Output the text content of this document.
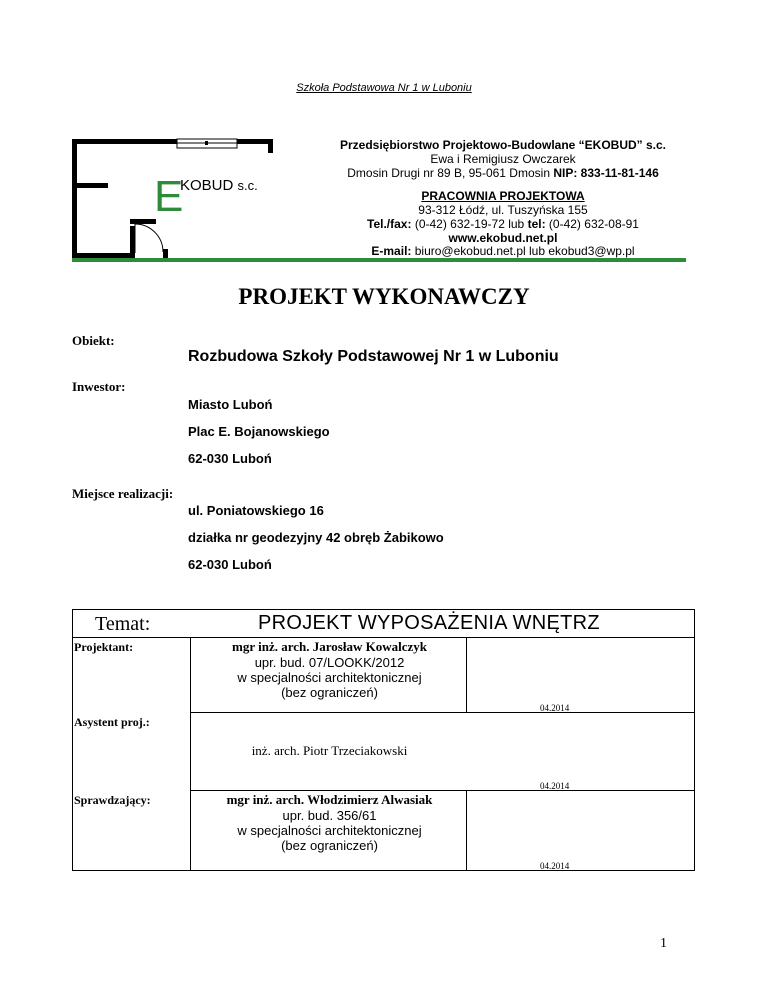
Szkoła Podstawowa Nr 1 w Luboniu
E
KOBUD s.c.
Przedsiębiorstwo Projektowo-Budowlane “EKOBUD” s.c.
Ewa i Remigiusz Owczarek
Dmosin Drugi nr 89 B, 95-061 Dmosin NIP: 833-11-81-146
PRACOWNIA PROJEKTOWA
93-312 Łódź, ul. Tuszyńska 155
Tel./fax: (0-42) 632-19-72 lub tel: (0-42) 632-08-91
www.ekobud.net.pl
E-mail: biuro@ekobud.net.pl lub ekobud3@wp.pl
PROJEKT WYKONAWCZY
Obiekt:
Rozbudowa Szkoły Podstawowej Nr 1 w Luboniu
Inwestor:
Miasto Luboń
Plac E. Bojanowskiego
62-030 Luboń
Miejsce realizacji:
ul. Poniatowskiego 16
działka nr geodezyjny 42 obręb Żabikowo
62-030 Luboń
Temat:	PROJEKT WYPOSAŻENIA WNĘTRZ
Projektant:	mgr inż. arch. Jarosław Kowalczyk
upr. bud. 07/LOOKK/2012
w specjalności architektonicznej
(bez ograniczeń)
04.2014
Asystent proj.:
inż. arch. Piotr Trzeciakowski
04.2014
Sprawdzający:	mgr inż. arch. Włodzimierz Alwasiak
upr. bud. 356/61
w specjalności architektonicznej
(bez ograniczeń)
04.2014
1
